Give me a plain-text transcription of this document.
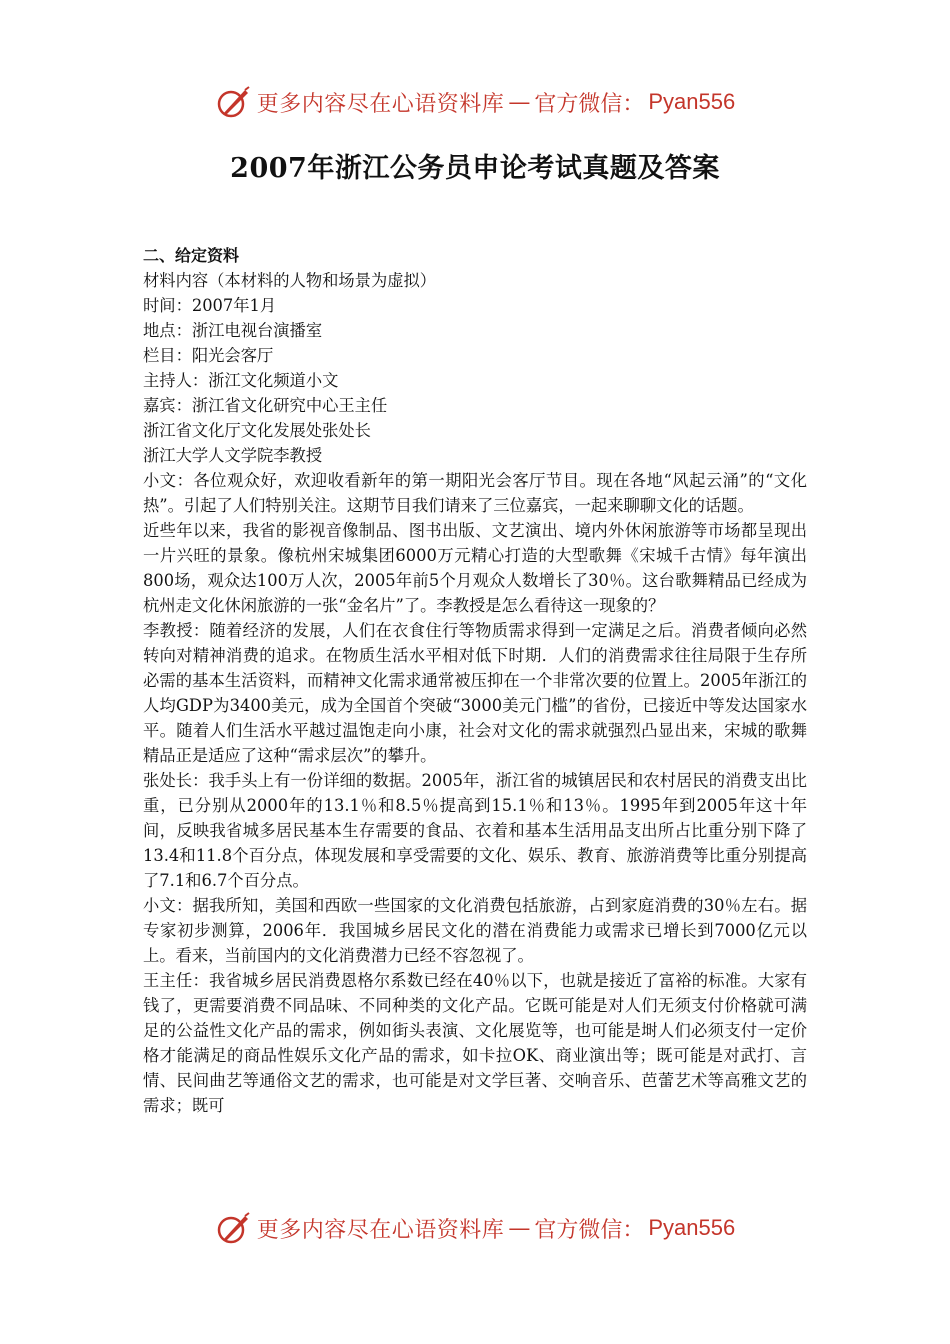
更多内容尽在心语资料库 — 官方微信： Pyan556
2007年浙江公务员申论考试真题及答案
二、给定资料
材料内容（本材料的人物和场景为虚拟）
时间：2007年1月
地点：浙江电视台演播室
栏目：阳光会客厅
主持人：浙江文化频道小文
嘉宾：浙江省文化研究中心王主任
浙江省文化厅文化发展处张处长
浙江大学人文学院李教授
小文：各位观众好，欢迎收看新年的第一期阳光会客厅节目。现在各地“风起云涌”的“文化热”。引起了人们特别关注。这期节目我们请来了三位嘉宾，一起来聊聊文化的话题。
近些年以来，我省的影视音像制品、图书出版、文艺演出、境内外休闲旅游等市场都呈现出一片兴旺的景象。像杭州宋城集团6000万元精心打造的大型歌舞《宋城千古情》每年演出800场，观众达100万人次，2005年前5个月观众人数增长了30％。这台歌舞精品已经成为杭州走文化休闲旅游的一张“金名片”了。李教授是怎么看待这一现象的？
李教授：随着经济的发展，人们在衣食住行等物质需求得到一定满足之后。消费者倾向必然转向对精神消费的追求。在物质生活水平相对低下时期．人们的消费需求往往局限于生存所必需的基本生活资料，而精神文化需求通常被压抑在一个非常次要的位置上。2005年浙江的人均GDP为3400美元，成为全国首个突破“3000美元门槛”的省份，已接近中等发达国家水平。随着人们生活水平越过温饱走向小康，社会对文化的需求就强烈凸显出来，宋城的歌舞精品正是适应了这种“需求层次”的攀升。
张处长：我手头上有一份详细的数据。2005年，浙江省的城镇居民和农村居民的消费支出比重，已分别从2000年的13.1％和8.5％提高到15.1％和13％。1995年到2005年这十年间，反映我省城多居民基本生存需要的食品、衣着和基本生活用品支出所占比重分别下降了13.4和11.8个百分点，体现发展和享受需要的文化、娱乐、教育、旅游消费等比重分别提高了7.1和6.7个百分点。
小文：据我所知，美国和西欧一些国家的文化消费包括旅游，占到家庭消费的30％左右。据专家初步测算，2006年．我国城乡居民文化的潜在消费能力或需求已增长到7000亿元以上。看来，当前国内的文化消费潜力已经不容忽视了。
王主任：我省城乡居民消费恩格尔系数已经在40％以下，也就是接近了富裕的标准。大家有钱了，更需要消费不同品味、不同种类的文化产品。它既可能是对人们无须支付价格就可满足的公益性文化产品的需求，例如街头表演、文化展览等，也可能是埘人们必须支付一定价格才能满足的商品性娱乐文化产品的需求，如卡拉OK、商业演出等；既可能是对武打、言情、民间曲艺等通俗文艺的需求，也可能是对文学巨著、交响音乐、芭蕾艺术等高雅文艺的需求；既可
更多内容尽在心语资料库 — 官方微信： Pyan556
